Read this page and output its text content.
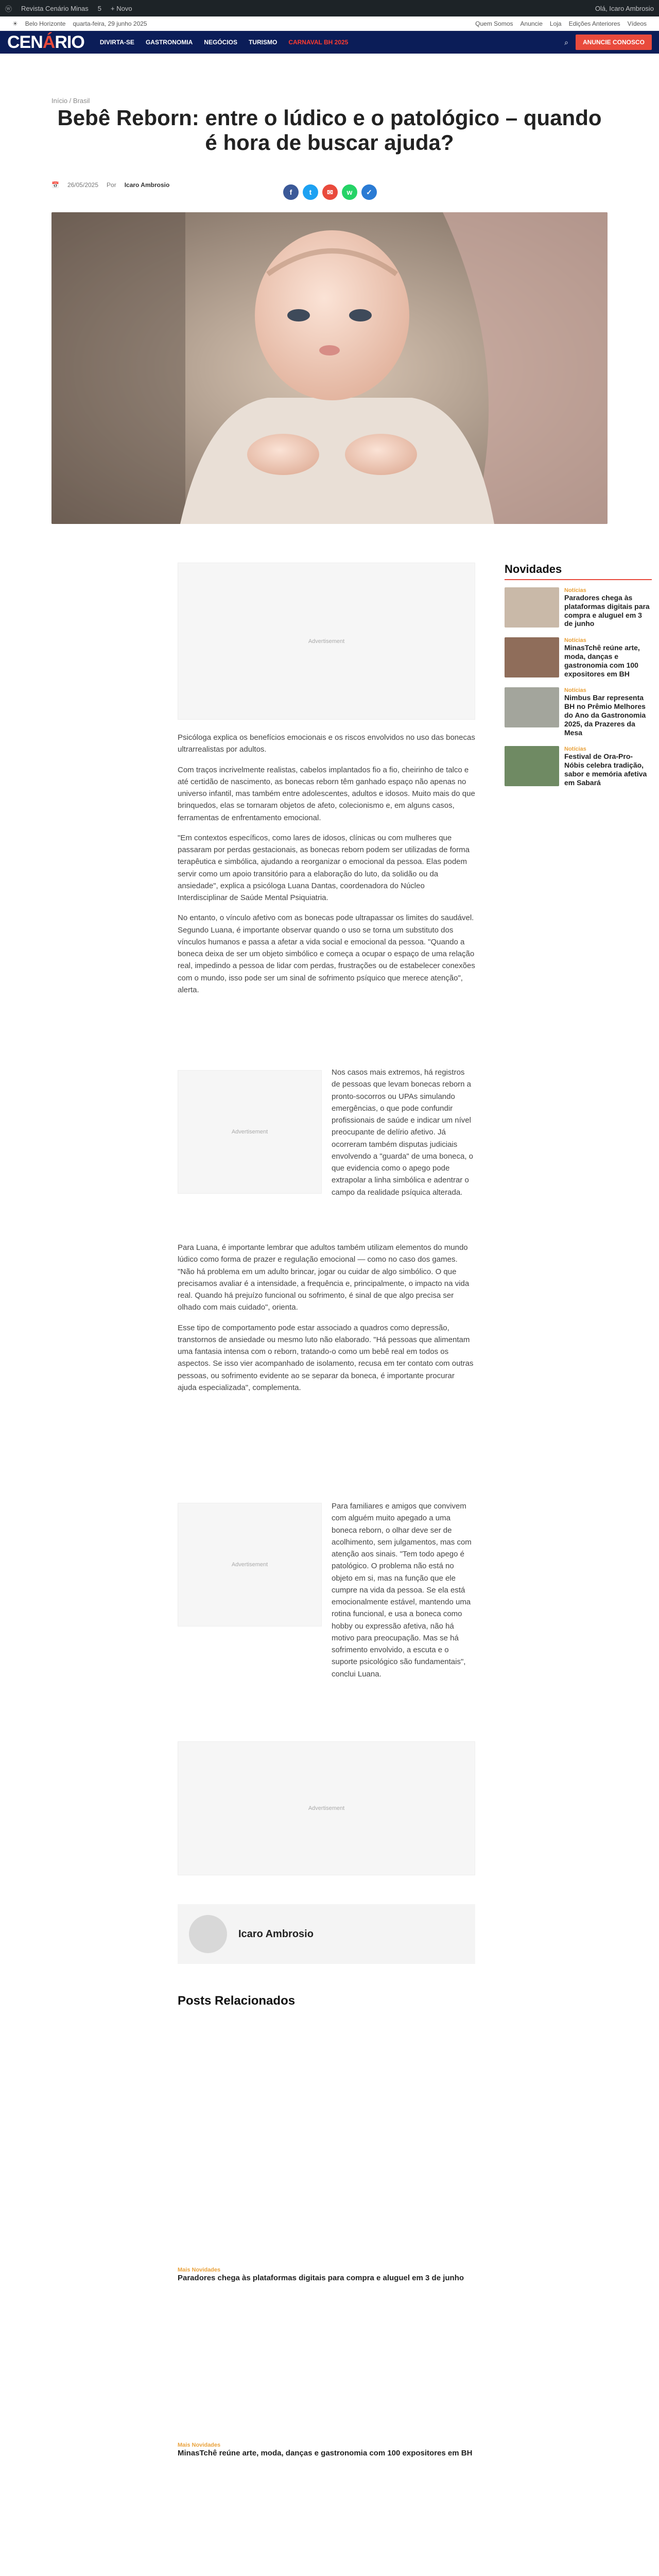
ⓦ Revista Cenário Minas 5 + Novo	Olá, Icaro Ambrosio
☀ Belo Horizonte quarta-feira, 29 junho 2025	Quem Somos Anuncie Loja Edições Anteriores Vídeos
CENÁRIO	DIVIRTA-SE GASTRONOMIA NEGÓCIOS TURISMO CARNAVAL BH 2025	⌕	ANUNCIE CONOSCO
Início / Brasil
Bebê Reborn: entre o lúdico e o patológico – quando é hora de buscar ajuda?
📅 26/05/2025 Por Icaro Ambrosio
f	t	✉	w	✓
Advertisement

Psicóloga explica os benefícios emocionais e os riscos envolvidos no uso das bonecas ultrarrealistas por adultos.

Com traços incrivelmente realistas, cabelos implantados fio a fio, cheirinho de talco e até certidão de nascimento, as bonecas reborn têm ganhado espaço não apenas no universo infantil, mas também entre adolescentes, adultos e idosos. Muito mais do que brinquedos, elas se tornaram objetos de afeto, colecionismo e, em alguns casos, ferramentas de enfrentamento emocional.

"Em contextos específicos, como lares de idosos, clínicas ou com mulheres que passaram por perdas gestacionais, as bonecas reborn podem ser utilizadas de forma terapêutica e simbólica, ajudando a reorganizar o emocional da pessoa. Elas podem servir como um apoio transitório para a elaboração do luto, da solidão ou da ansiedade", explica a psicóloga Luana Dantas, coordenadora do Núcleo Interdisciplinar de Saúde Mental Psiquiatria.

No entanto, o vínculo afetivo com as bonecas pode ultrapassar os limites do saudável. Segundo Luana, é importante observar quando o uso se torna um substituto dos vínculos humanos e passa a afetar a vida social e emocional da pessoa. "Quando a boneca deixa de ser um objeto simbólico e começa a ocupar o espaço de uma relação real, impedindo a pessoa de lidar com perdas, frustrações ou de estabelecer conexões com o mundo, isso pode ser um sinal de sofrimento psíquico que merece atenção", alerta.

Advertisement

Nos casos mais extremos, há registros de pessoas que levam bonecas reborn a pronto-socorros ou UPAs simulando emergências, o que pode confundir profissionais de saúde e indicar um nível preocupante de delírio afetivo. Já ocorreram também disputas judiciais envolvendo a "guarda" de uma boneca, o que evidencia como o apego pode extrapolar a linha simbólica e adentrar o campo da realidade psíquica alterada.

Para Luana, é importante lembrar que adultos também utilizam elementos do mundo lúdico como forma de prazer e regulação emocional — como no caso dos games. "Não há problema em um adulto brincar, jogar ou cuidar de algo simbólico. O que precisamos avaliar é a intensidade, a frequência e, principalmente, o impacto na vida real. Quando há prejuízo funcional ou sofrimento, é sinal de que algo precisa ser olhado com mais cuidado", orienta.

Esse tipo de comportamento pode estar associado a quadros como depressão, transtornos de ansiedade ou mesmo luto não elaborado. "Há pessoas que alimentam uma fantasia intensa com o reborn, tratando-o como um bebê real em todos os aspectos. Se isso vier acompanhado de isolamento, recusa em ter contato com outras pessoas, ou sofrimento evidente ao se separar da boneca, é importante procurar ajuda especializada", complementa.

Advertisement

Para familiares e amigos que convivem com alguém muito apegado a uma boneca reborn, o olhar deve ser de acolhimento, sem julgamentos, mas com atenção aos sinais. "Tem todo apego é patológico. O problema não está no objeto em si, mas na função que ele cumpre na vida da pessoa. Se ela está emocionalmente estável, mantendo uma rotina funcional, e usa a boneca como hobby ou expressão afetiva, não há motivo para preocupação. Mas se há sofrimento envolvido, a escuta e o suporte psicológico são fundamentais", conclui Luana.

Advertisement
Icaro Ambrosio
Posts Relacionados
Mais Novidades
Paradores chega às plataformas digitais para compra e aluguel em 3 de junho
Mais Novidades
MinasTchê reúne arte, moda, danças e gastronomia com 100 expositores em BH
Novidades
Notícias
Paradores chega às plataformas digitais para compra e aluguel em 3 de junho
Notícias
MinasTchê reúne arte, moda, danças e gastronomia com 100 expositores em BH
Notícias
Nimbus Bar representa BH no Prêmio Melhores do Ano da Gastronomia 2025, da Prazeres da Mesa
Notícias
Festival de Ora-Pro-Nóbis celebra tradição, sabor e memória afetiva em Sabará
